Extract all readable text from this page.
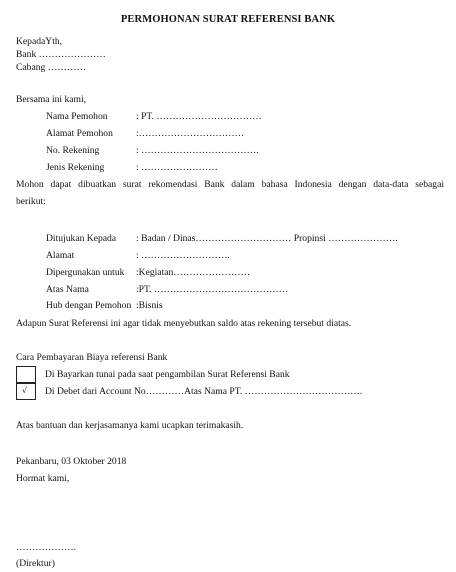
PERMOHONAN SURAT REFERENSI BANK
KepadaYth,
Bank …………………
Cabang …………
Bersama ini kami,
Nama Pemohon	: PT. ……………………………
Alamat Pemohon :……………………………
No. Rekening	: ……………………………….
Jenis Rekening	: ……………………
Mohon dapat dibuatkan surat rekomendasi Bank dalam bahasa Indonesia dengan data-data sebagai
berikut:
Ditujukan Kepada : Badan / Dinas………………………… Propinsi ………………….
Alamat	: ……………………….
Dipergunakan untuk :Kegiatan……………………
Atas Nama	:PT. ……………………………………
Hub dengan Pemohon :Bisnis
Adapun Surat Referensi ini agar tidak menyebutkan saldo atas rekening tersebut diatas.
Cara Pembayaran Biaya referensi Bank
Di Bayarkan tunai pada saat pengambilan Surat Referensi Bank
√ Di Debet dari Account No…………Atas Nama PT. ……………………………….
Atas bantuan dan kerjasamanya kami ucapkan terimakasih.
Pekanbaru, 03 Oktober 2018
Hormat kami,
……………….
(Direktur)
